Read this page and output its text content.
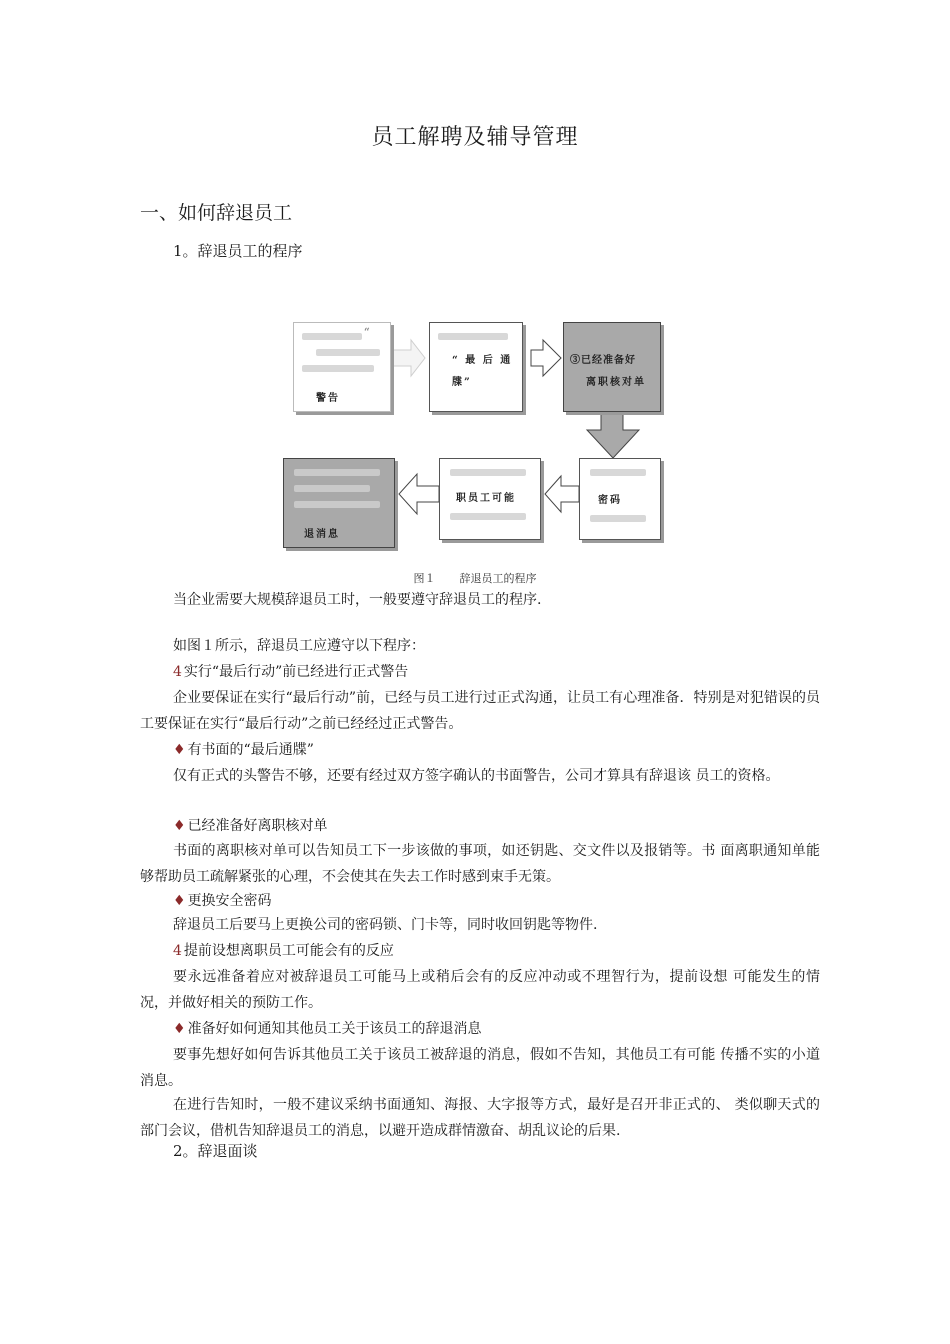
员工解聘及辅导管理
一、如何辞退员工
1。辞退员工的程序
“
警告
“ 最 后 通
牒”
③已经准备好
离职核对单
密码
职员工可能
退消息
图１ 辞退员工的程序
当企业需要大规模辞退员工时，一般要遵守辞退员工的程序.
如图１所示，辞退员工应遵守以下程序：
4 实行“最后行动”前已经进行正式警告
企业要保证在实行“最后行动”前，已经与员工进行过正式沟通，让员工有心理准备．特别是对犯错误的员工要保证在实行“最后行动”之前已经经过正式警告。
♦ 有书面的“最后通牒”
仅有正式的头警告不够，还要有经过双方签字确认的书面警告，公司才算具有辞退该 员工的资格。
♦ 已经准备好离职核对单
书面的离职核对单可以告知员工下一步该做的事项，如还钥匙、交文件以及报销等。书 面离职通知单能够帮助员工疏解紧张的心理，不会使其在失去工作时感到束手无策。
♦ 更换安全密码
辞退员工后要马上更换公司的密码锁、门卡等，同时收回钥匙等物件.
4 提前设想离职员工可能会有的反应
要永远准备着应对被辞退员工可能马上或稍后会有的反应冲动或不理智行为，提前设想 可能发生的情况，并做好相关的预防工作。
♦ 准备好如何通知其他员工关于该员工的辞退消息
要事先想好如何告诉其他员工关于该员工被辞退的消息，假如不告知，其他员工有可能 传播不实的小道消息。
在进行告知时，一般不建议采纳书面通知、海报、大字报等方式，最好是召开非正式的、 类似聊天式的部门会议，借机告知辞退员工的消息，以避开造成群情激奋、胡乱议论的后果.
2。辞退面谈
